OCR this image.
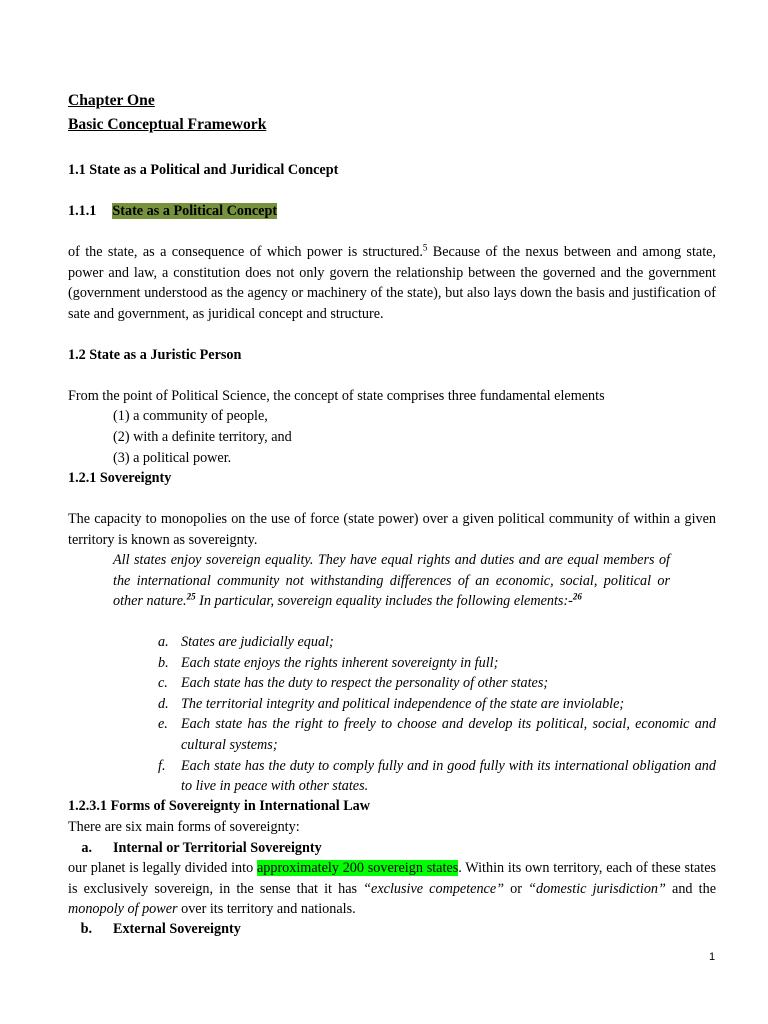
Chapter One

Basic Conceptual Framework

1.1 State as a Political and Juridical Concept

1.1.1 State as a Political Concept

of the state, as a consequence of which power is structured.$^5$ Because of the nexus between and among state, power and law, a constitution does not only govern the relationship between the governed and the government (government understood as the agency or machinery of the state), but also lays down the basis and justification of sate and government, as juridical concept and structure.

1.2 State as a Juristic Person

From the point of Political Science, the concept of state comprises three fundamental elements

(1) a community of people,

(2) with a definite territory, and

(3) a political power.

1.2.1 Sovereignty

The capacity to monopolies on the use of force (state power) over a given political community of within a given territory is known as sovereignty.

All states enjoy sovereign equality. They have equal rights and duties and are equal members of the international community not withstanding differences of an economic, social, political or other nature.$^{25}$ In particular, sovereign equality includes the following elements:-$^{26}$

a. States are judicially equal;
b. Each state enjoys the rights inherent sovereignty in full;
c. Each state has the duty to respect the personality of other states;
d. The territorial integrity and political independence of the state are inviolable;
e. Each state has the right to freely to choose and develop its political, social, economic and cultural systems;
f. Each state has the duty to comply fully and in good fully with its international obligation and to live in peace with other states.

1.2.3.1 Forms of Sovereignty in International Law

There are six main forms of sovereignty:

a. Internal or Territorial Sovereignty

our planet is legally divided into approximately 200 sovereign states. Within its own territory, each of these states is exclusively sovereign, in the sense that it has “exclusive competence” or “domestic jurisdiction” and the monopoly of power over its territory and nationals.

b. External Sovereignty
1
